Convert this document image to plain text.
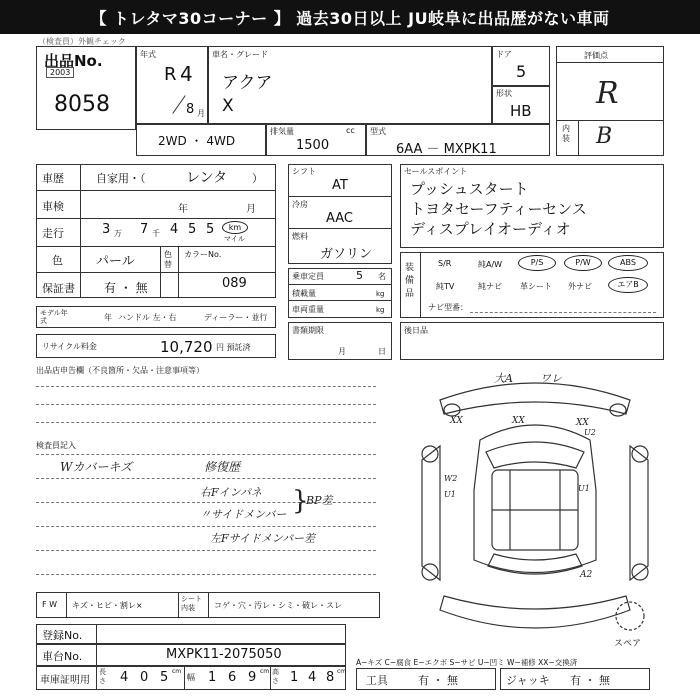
【 トレタマ30コーナー 】 過去30日以上 JU岐阜に出品歴がない車両
（検査員）外観チェック
出品No.
2003
8058
年式
R 4
8 月
車名・グレード
アクア
X
ドア
5
形状
HB
評価点
R
内装 B
2WD ・ 4WD
排気量	cc
1500
型式
6AA － MXPK11
車歴	自家用・（	レンタ ）
車検	年	月
走行	3 万 7 千 4 5 5	km
マイル
色	パール	色替
カラーNo.
089
保証書 有 ・ 無
モデル年式	年 ハンドル 左・右	ディーラー・並行
リサイクル料金	10,720 円 預託済
シフト
AT
冷房
AAC
燃料
ガソリン
乗車定員	5 名
積載量	kg
車両重量	kg
書類期限
月	日
セールスポイント
プッシュスタート
トヨタセーフティーセンス
ディスプレイオーディオ
装備品
S/R	純A/W	P/S	P/W	ABS
純TV	純ナビ 革シート 外ナビ	エアB
ナビ型番：
後日品
出品店申告欄（不良箇所・欠品・注意事項等）
検査員記入
Wカバーキズ	修復歴
右Fインパネ
〃サイドメンバー
左Fサイドメンバー差
}
BP差
大A ワレ
XX	XX	XX
U2
W2
U1
U1
A2
スペア
F W キズ・ヒビ・割レ×
シート内装	コゲ・穴・汚レ・シミ・破レ・スレ
登録No.
車台No.	MXPK11-2075050
車庫証明用
長さ 4 0 5 cm
幅 1 6 9 cm 高さ 1 4 8 cm
A−キズ C−腐食 E−エクボ S−サビ U−凹ミ W−補修 XX−交換済
工具	有 ・ 無	ジャッキ 有 ・ 無
